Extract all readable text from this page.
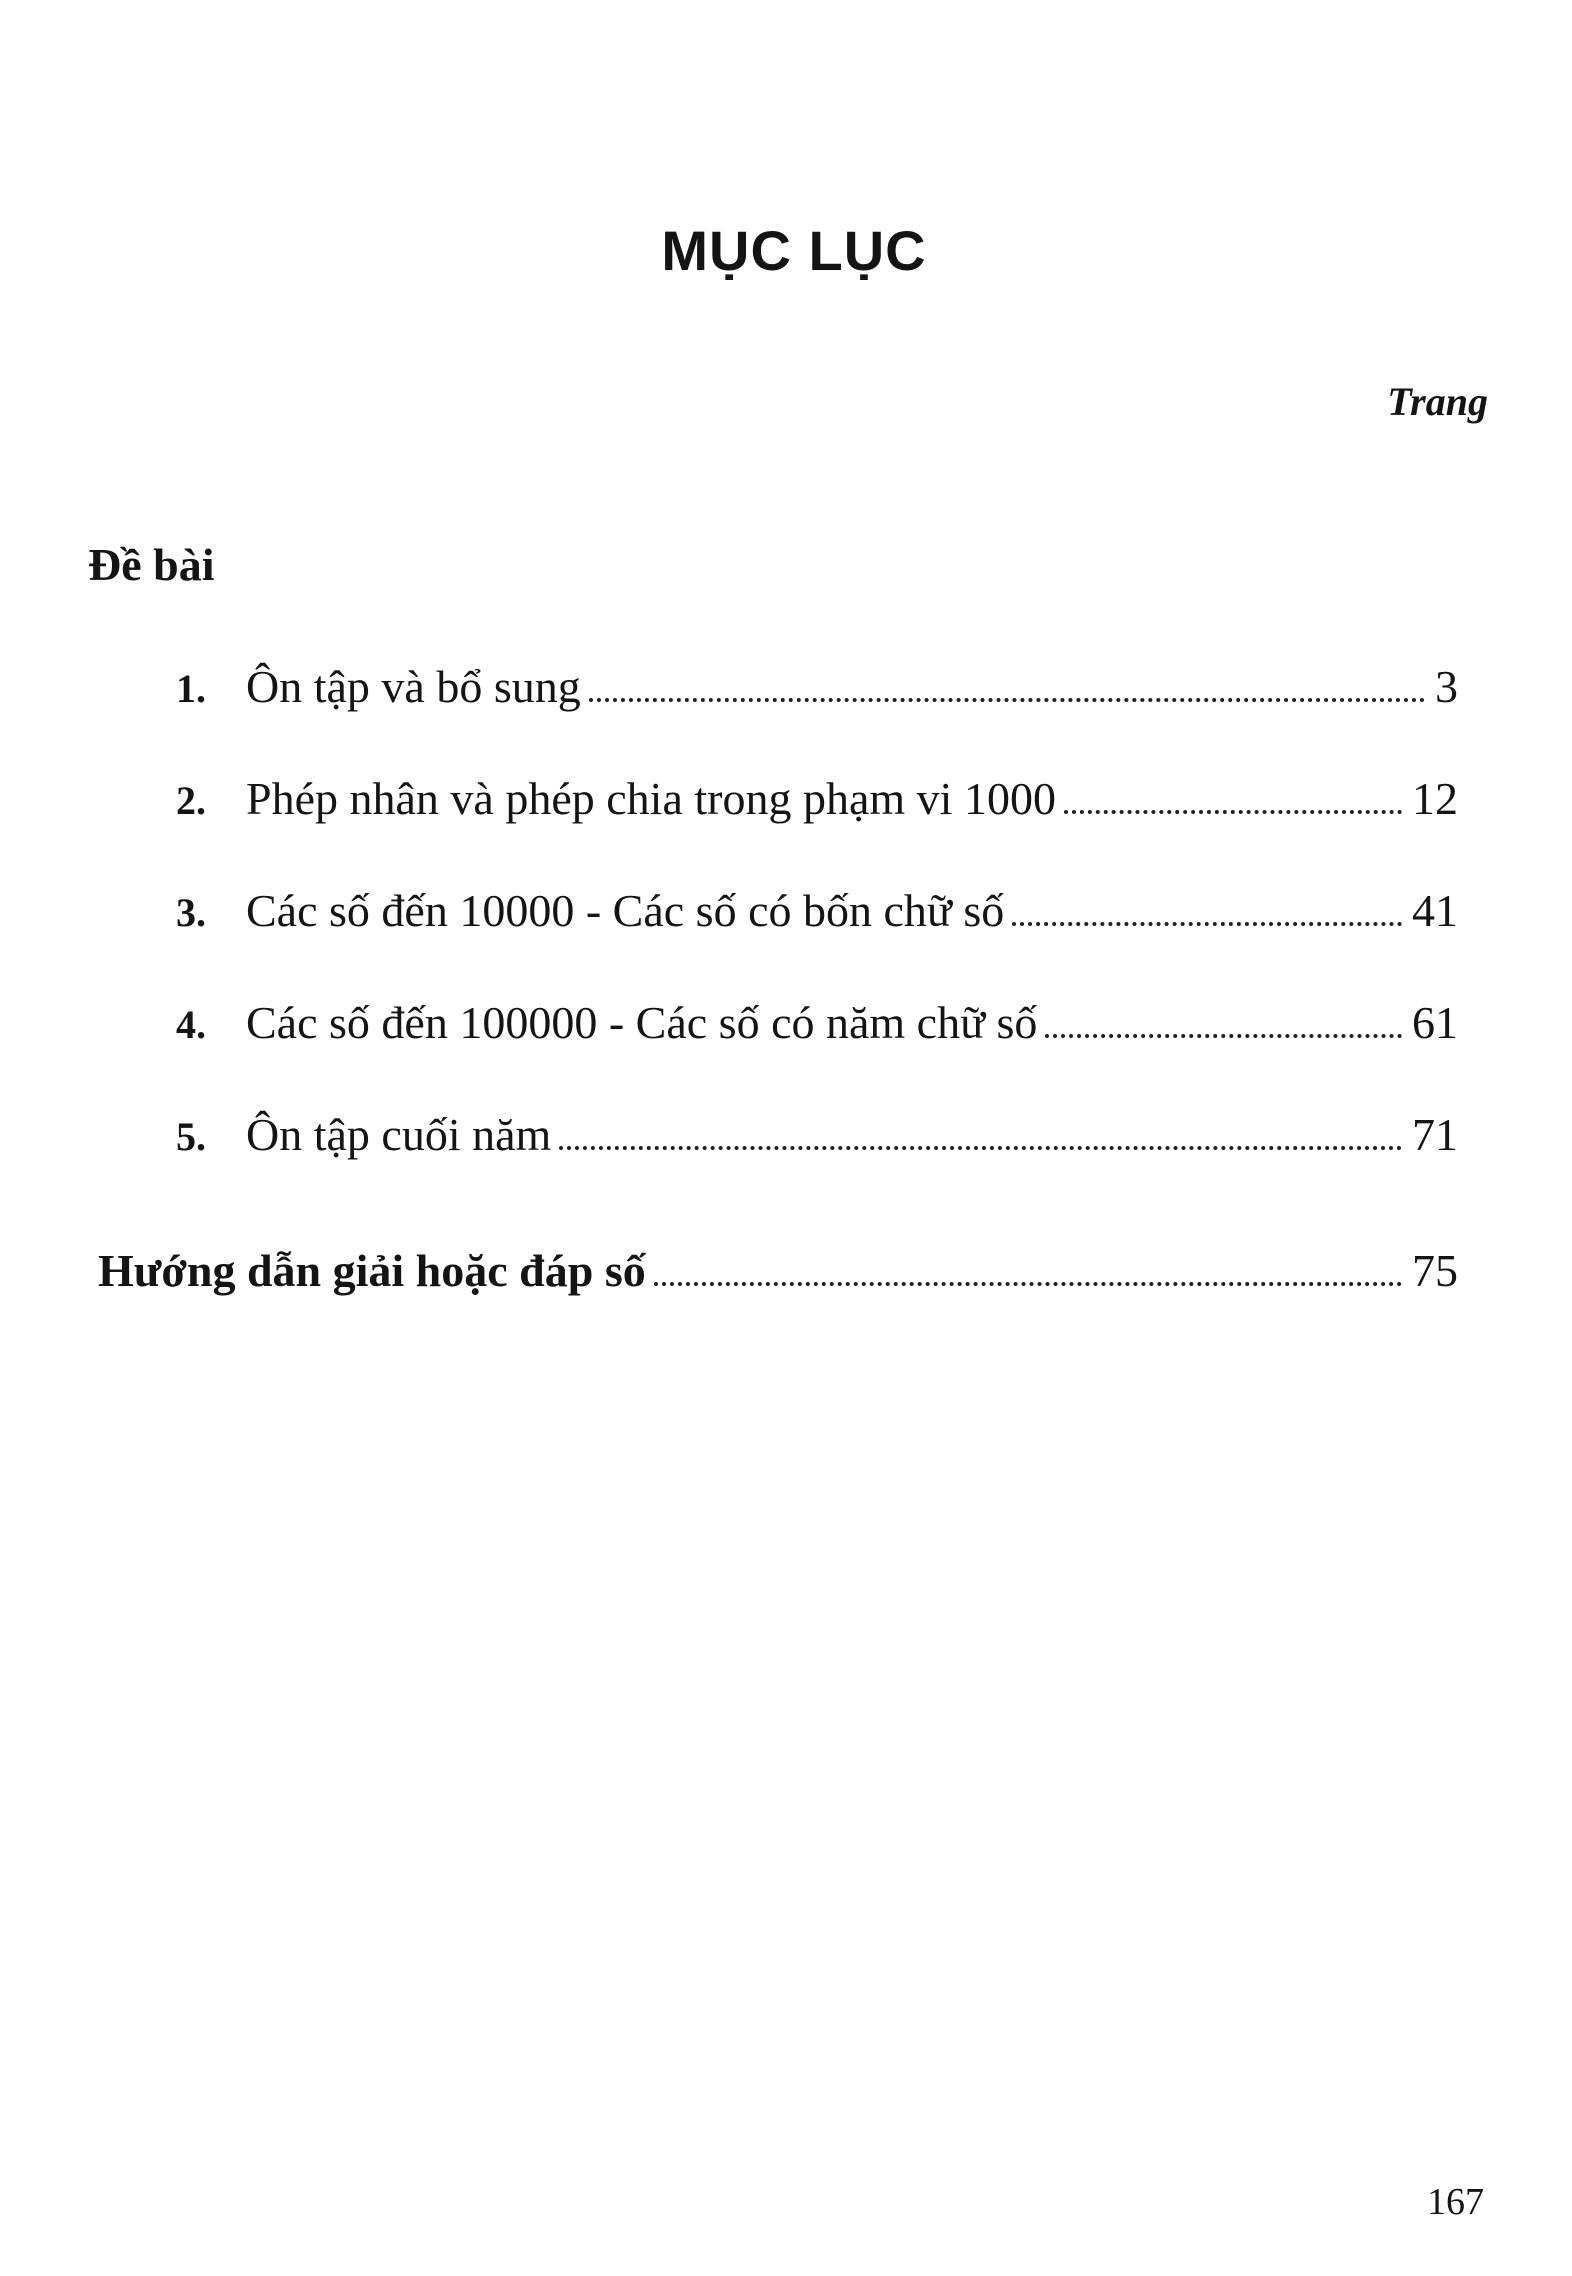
MỤC LỤC
Trang
Đề bài
1. Ôn tập và bổ sung	3
2. Phép nhân và phép chia trong phạm vi 1000	12
3. Các số đến 10000 - Các số có bốn chữ số	41
4. Các số đến 100000 - Các số có năm chữ số	61
5. Ôn tập cuối năm	71
Hướng dẫn giải hoặc đáp số	75
167
